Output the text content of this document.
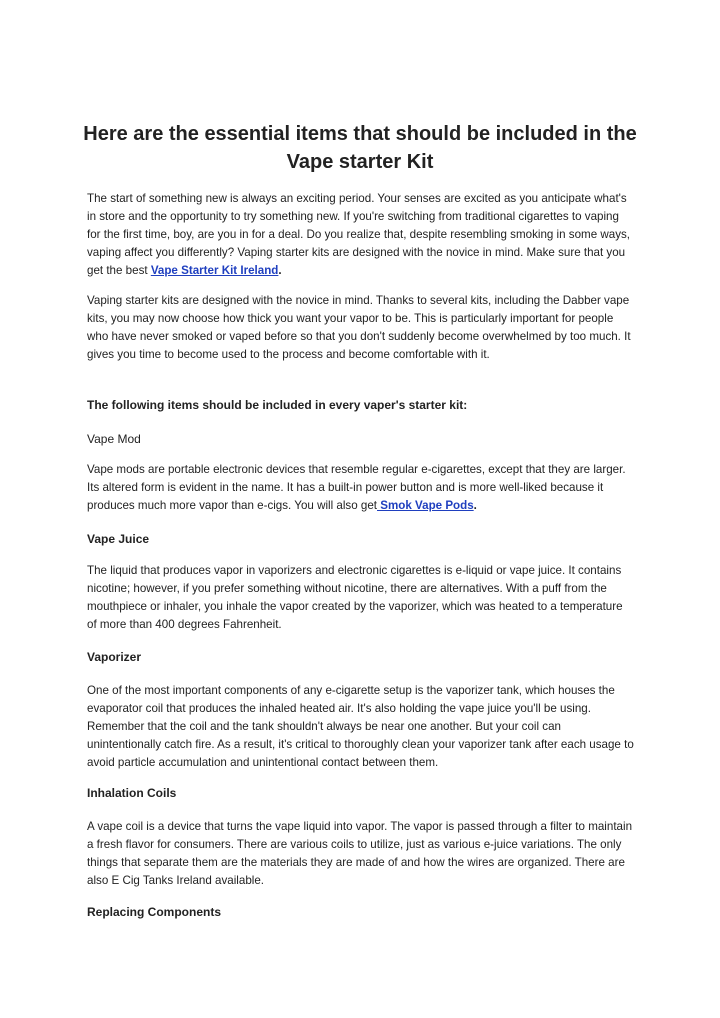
Here are the essential items that should be included in the Vape starter Kit

The start of something new is always an exciting period. Your senses are excited as you anticipate what's in store and the opportunity to try something new. If you're switching from traditional cigarettes to vaping for the first time, boy, are you in for a deal. Do you realize that, despite resembling smoking in some ways, vaping affect you differently? Vaping starter kits are designed with the novice in mind. Make sure that you get the best Vape Starter Kit Ireland.

Vaping starter kits are designed with the novice in mind. Thanks to several kits, including the Dabber vape kits, you may now choose how thick you want your vapor to be. This is particularly important for people who have never smoked or vaped before so that you don't suddenly become overwhelmed by too much. It gives you time to become used to the process and become comfortable with it.

The following items should be included in every vaper's starter kit:
Vape Mod

Vape mods are portable electronic devices that resemble regular e-cigarettes, except that they are larger. Its altered form is evident in the name. It has a built-in power button and is more well-liked because it produces much more vapor than e-cigs. You will also get Smok Vape Pods.

Vape Juice

The liquid that produces vapor in vaporizers and electronic cigarettes is e-liquid or vape juice. It contains nicotine; however, if you prefer something without nicotine, there are alternatives. With a puff from the mouthpiece or inhaler, you inhale the vapor created by the vaporizer, which was heated to a temperature of more than 400 degrees Fahrenheit.

Vaporizer

One of the most important components of any e-cigarette setup is the vaporizer tank, which houses the evaporator coil that produces the inhaled heated air. It's also holding the vape juice you'll be using. Remember that the coil and the tank shouldn't always be near one another. But your coil can unintentionally catch fire. As a result, it's critical to thoroughly clean your vaporizer tank after each usage to avoid particle accumulation and unintentional contact between them.

Inhalation Coils

A vape coil is a device that turns the vape liquid into vapor. The vapor is passed through a filter to maintain a fresh flavor for consumers. There are various coils to utilize, just as various e-juice variations. The only things that separate them are the materials they are made of and how the wires are organized. There are also E Cig Tanks Ireland available.

Replacing Components
